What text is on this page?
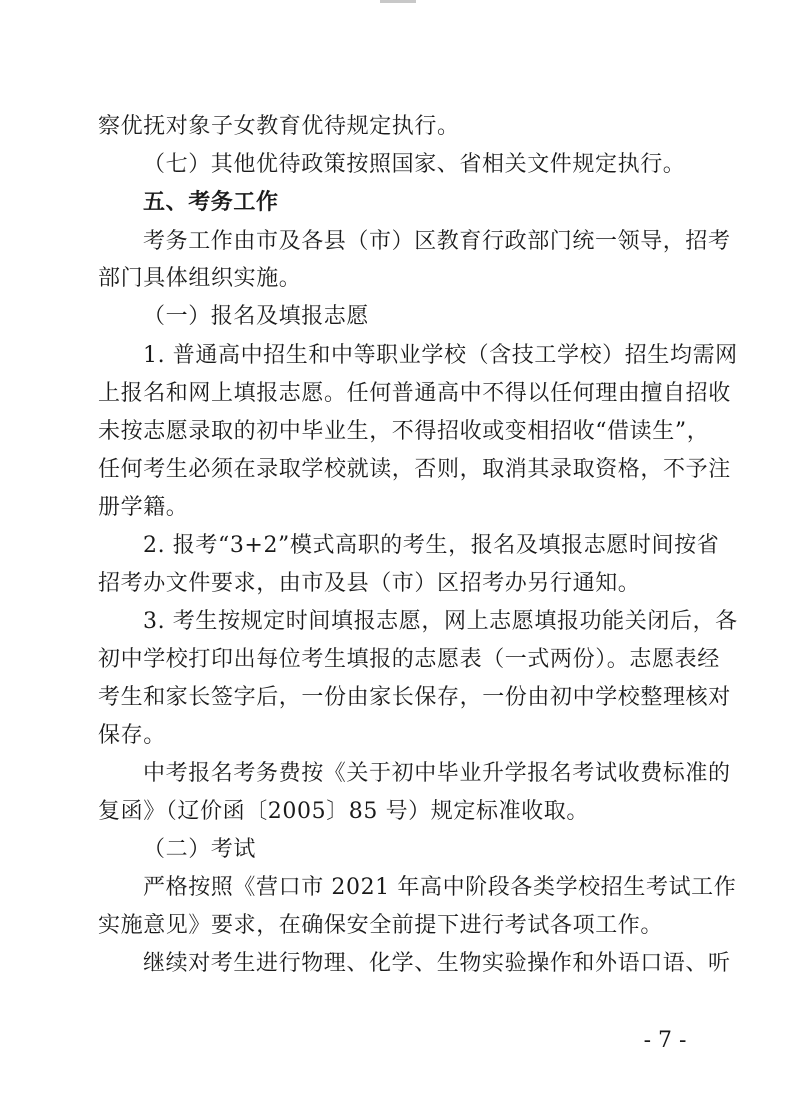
察优抚对象子女教育优待规定执行。
（七）其他优待政策按照国家、省相关文件规定执行。
五、考务工作
考务工作由市及各县（市）区教育行政部门统一领导，招考
部门具体组织实施。
（一）报名及填报志愿
1. 普通高中招生和中等职业学校（含技工学校）招生均需网
上报名和网上填报志愿。任何普通高中不得以任何理由擅自招收
未按志愿录取的初中毕业生，不得招收或变相招收“借读生”，
任何考生必须在录取学校就读，否则，取消其录取资格，不予注
册学籍。
2. 报考“3+2”模式高职的考生，报名及填报志愿时间按省
招考办文件要求，由市及县（市）区招考办另行通知。
3. 考生按规定时间填报志愿，网上志愿填报功能关闭后，各
初中学校打印出每位考生填报的志愿表（一式两份）。志愿表经
考生和家长签字后，一份由家长保存，一份由初中学校整理核对
保存。
中考报名考务费按《关于初中毕业升学报名考试收费标准的
复函》（辽价函〔2005〕85 号）规定标准收取。
（二）考试
严格按照《营口市 2021 年高中阶段各类学校招生考试工作
实施意见》要求，在确保安全前提下进行考试各项工作。
继续对考生进行物理、化学、生物实验操作和外语口语、听
- 7 -
